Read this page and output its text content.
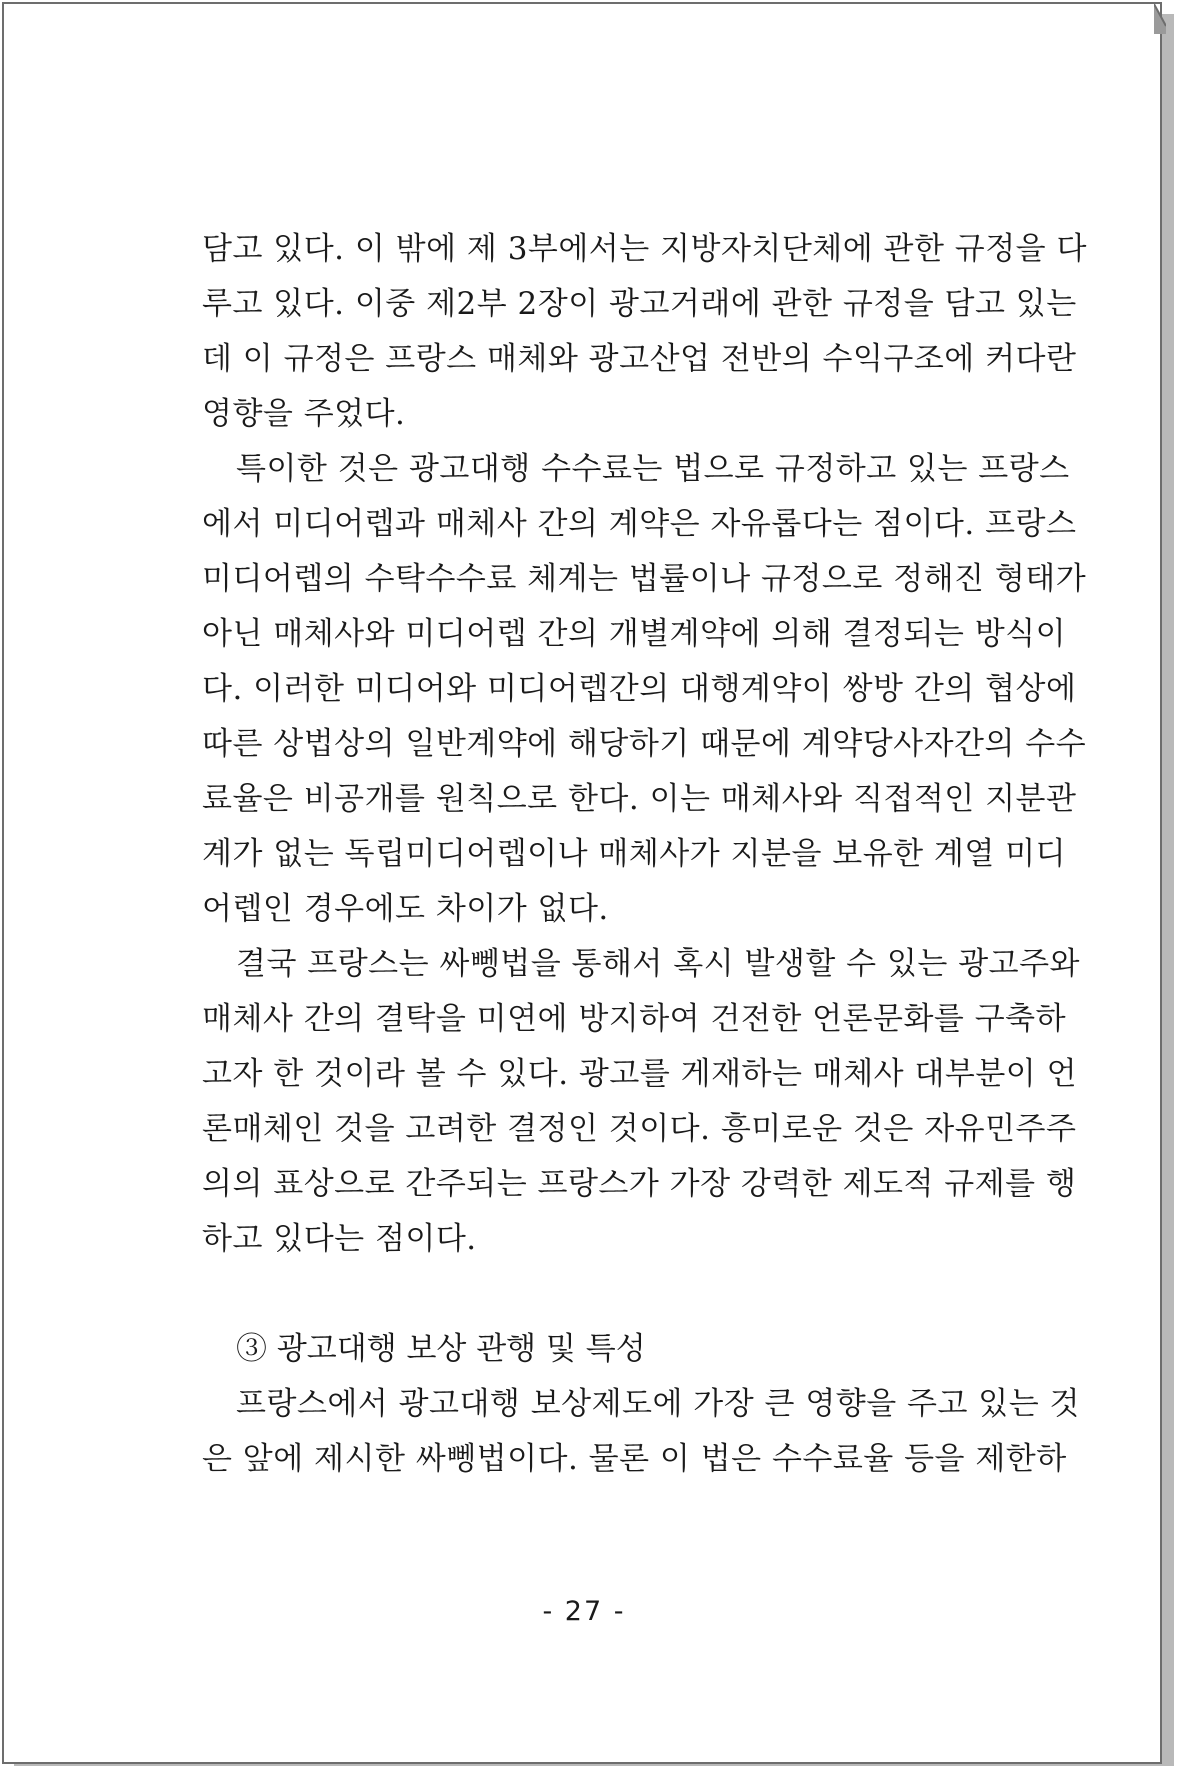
담고 있다. 이 밖에 제 3부에서는 지방자치단체에 관한 규정을 다
루고 있다. 이중 제2부 2장이 광고거래에 관한 규정을 담고 있는
데 이 규정은 프랑스 매체와 광고산업 전반의 수익구조에 커다란
영향을 주었다.
특이한 것은 광고대행 수수료는 법으로 규정하고 있는 프랑스
에서 미디어렙과 매체사 간의 계약은 자유롭다는 점이다. 프랑스
미디어렙의 수탁수수료 체계는 법률이나 규정으로 정해진 형태가
아닌 매체사와 미디어렙 간의 개별계약에 의해 결정되는 방식이
다. 이러한 미디어와 미디어렙간의 대행계약이 쌍방 간의 협상에
따른 상법상의 일반계약에 해당하기 때문에 계약당사자간의 수수
료율은 비공개를 원칙으로 한다. 이는 매체사와 직접적인 지분관
계가 없는 독립미디어렙이나 매체사가 지분을 보유한 계열 미디
어렙인 경우에도 차이가 없다.
결국 프랑스는 싸뼁법을 통해서 혹시 발생할 수 있는 광고주와
매체사 간의 결탁을 미연에 방지하여 건전한 언론문화를 구축하
고자 한 것이라 볼 수 있다. 광고를 게재하는 매체사 대부분이 언
론매체인 것을 고려한 결정인 것이다. 흥미로운 것은 자유민주주
의의 표상으로 간주되는 프랑스가 가장 강력한 제도적 규제를 행
하고 있다는 점이다.
③ 광고대행 보상 관행 및 특성
프랑스에서 광고대행 보상제도에 가장 큰 영향을 주고 있는 것
은 앞에 제시한 싸뼁법이다. 물론 이 법은 수수료율 등을 제한하
- 27 -
